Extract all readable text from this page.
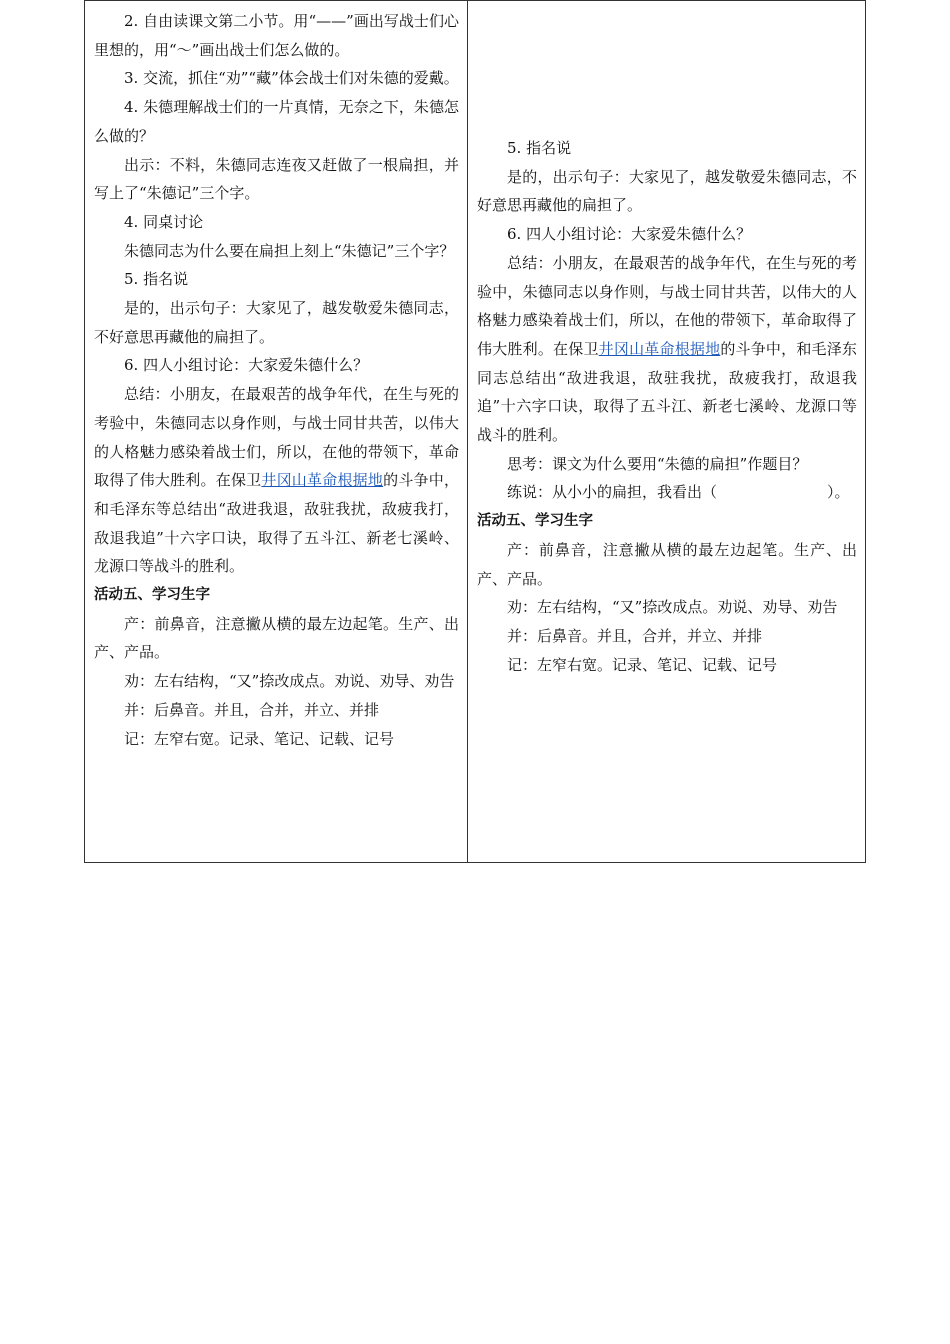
2. 自由读课文第二小节。用“——”画出写战士们心里想的，用“～”画出战士们怎么做的。

3. 交流，抓住“劝”“藏”体会战士们对朱德的爱戴。

4. 朱德理解战士们的一片真情，无奈之下，朱德怎么做的？

出示：不料，朱德同志连夜又赶做了一根扁担，并写上了“朱德记”三个字。

4. 同桌讨论

朱德同志为什么要在扁担上刻上“朱德记”三个字？

5. 指名说

是的，出示句子：大家见了，越发敬爱朱德同志，不好意思再藏他的扁担了。

6. 四人小组讨论：大家爱朱德什么？

总结：小朋友，在最艰苦的战争年代，在生与死的考验中，朱德同志以身作则，与战士同甘共苦，以伟大的人格魅力感染着战士们，所以，在他的带领下，革命取得了伟大胜利。在保卫井冈山革命根据地的斗争中，和毛泽东等总结出“敌进我退，敌驻我扰，敌疲我打，敌退我追”十六字口诀，取得了五斗江、新老七溪岭、龙源口等战斗的胜利。

活动五、学习生字

产：前鼻音，注意撇从横的最左边起笔。生产、出产、产品。

劝：左右结构，“又”捺改成点。劝说、劝导、劝告

并：后鼻音。并且，合并，并立、并排

记：左窄右宽。记录、笔记、记载、记号

5. 指名说

是的，出示句子：大家见了，越发敬爱朱德同志，不好意思再藏他的扁担了。

6. 四人小组讨论：大家爱朱德什么？

总结：小朋友，在最艰苦的战争年代，在生与死的考验中，朱德同志以身作则，与战士同甘共苦，以伟大的人格魅力感染着战士们，所以，在他的带领下，革命取得了伟大胜利。在保卫井冈山革命根据地的斗争中，和毛泽东同志总结出“敌进我退，敌驻我扰，敌疲我打，敌退我追”十六字口诀，取得了五斗江、新老七溪岭、龙源口等战斗的胜利。

思考：课文为什么要用“朱德的扁担”作题目？

练说：从小小的扁担，我看出（	）。

活动五、学习生字

产：前鼻音，注意撇从横的最左边起笔。生产、出产、产品。

劝：左右结构，“又”捺改成点。劝说、劝导、劝告

并：后鼻音。并且，合并，并立、并排

记：左窄右宽。记录、笔记、记载、记号
